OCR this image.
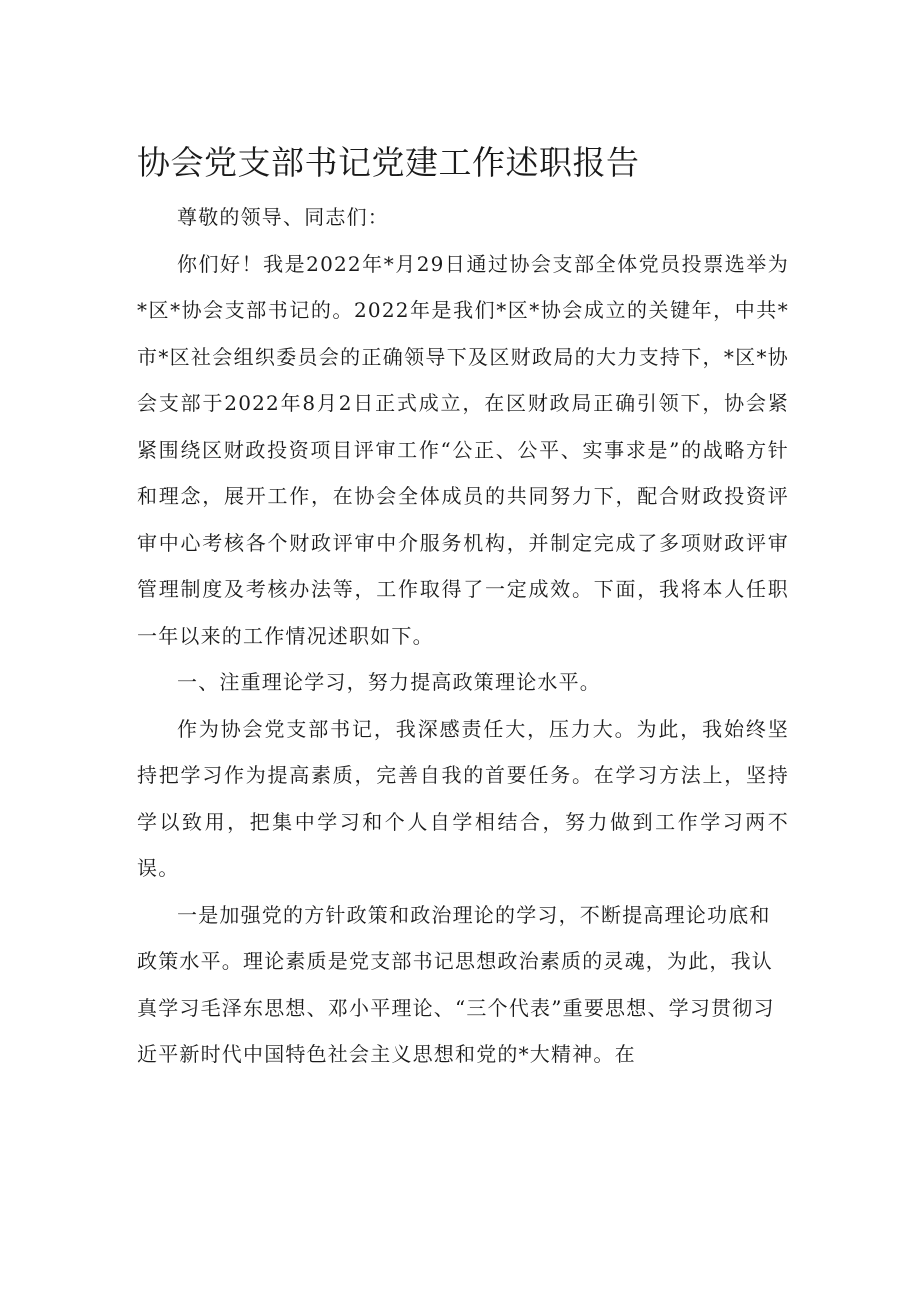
协会党支部书记党建工作述职报告

尊敬的领导、同志们：

你们好！我是2022年*月29日通过协会支部全体党员投票选举为*区*协会支部书记的。2022年是我们*区*协会成立的关键年，中共*市*区社会组织委员会的正确领导下及区财政局的大力支持下，*区*协会支部于2022年8月2日正式成立，在区财政局正确引领下，协会紧紧围绕区财政投资项目评审工作“公正、公平、实事求是”的战略方针和理念，展开工作，在协会全体成员的共同努力下，配合财政投资评审中心考核各个财政评审中介服务机构，并制定完成了多项财政评审管理制度及考核办法等，工作取得了一定成效。下面，我将本人任职一年以来的工作情况述职如下。

一、注重理论学习，努力提高政策理论水平。

作为协会党支部书记，我深感责任大，压力大。为此，我始终坚持把学习作为提高素质，完善自我的首要任务。在学习方法上，坚持学以致用，把集中学习和个人自学相结合，努力做到工作学习两不误。

一是加强党的方针政策和政治理论的学习，不断提高理论功底和政策水平。理论素质是党支部书记思想政治素质的灵魂，为此，我认真学习毛泽东思想、邓小平理论、“三个代表”重要思想、学习贯彻习近平新时代中国特色社会主义思想和党的*大精神。在
